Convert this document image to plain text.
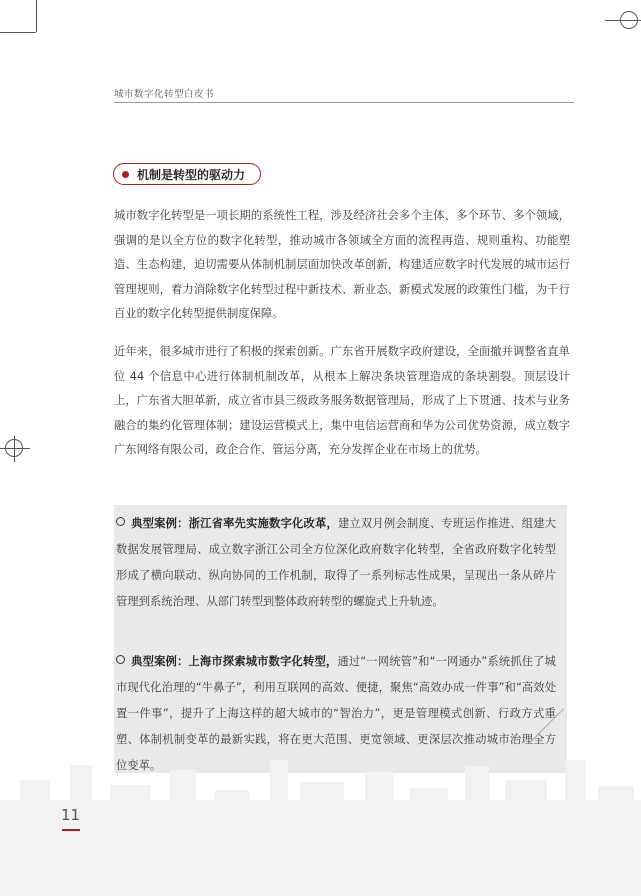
城市数字化转型白皮书
机制是转型的驱动力

城市数字化转型是一项长期的系统性工程，涉及经济社会多个主体、多个环节、多个领域，强调的是以全方位的数字化转型，推动城市各领域全方面的流程再造、规则重构、功能塑造、生态构建，迫切需要从体制机制层面加快改革创新，构建适应数字时代发展的城市运行管理规则，着力消除数字化转型过程中新技术、新业态、新模式发展的政策性门槛，为千行百业的数字化转型提供制度保障。

近年来，很多城市进行了积极的探索创新。广东省开展数字政府建设，全面撤并调整省直单位 44 个信息中心进行体制机制改革，从根本上解决条块管理造成的条块割裂。顶层设计上，广东省大胆革新，成立省市县三级政务服务数据管理局，形成了上下贯通、技术与业务融合的集约化管理体制；建设运营模式上，集中电信运营商和华为公司优势资源，成立数字广东网络有限公司，政企合作、管运分离，充分发挥企业在市场上的优势。

典型案例：浙江省率先实施数字化改革，建立双月例会制度、专班运作推进、组建大数据发展管理局、成立数字浙江公司全方位深化政府数字化转型，全省政府数字化转型形成了横向联动、纵向协同的工作机制，取得了一系列标志性成果，呈现出一条从碎片管理到系统治理、从部门转型到整体政府转型的螺旋式上升轨迹。
典型案例：上海市探索城市数字化转型，通过“一网统管”和“一网通办”系统抓住了城市现代化治理的“牛鼻子”，利用互联网的高效、便捷，聚焦“高效办成一件事”和“高效处置一件事”，提升了上海这样的超大城市的“智治力”，更是管理模式创新、行政方式重塑、体制机制变革的最新实践，将在更大范围、更宽领域、更深层次推动城市治理全方位变革。
11
